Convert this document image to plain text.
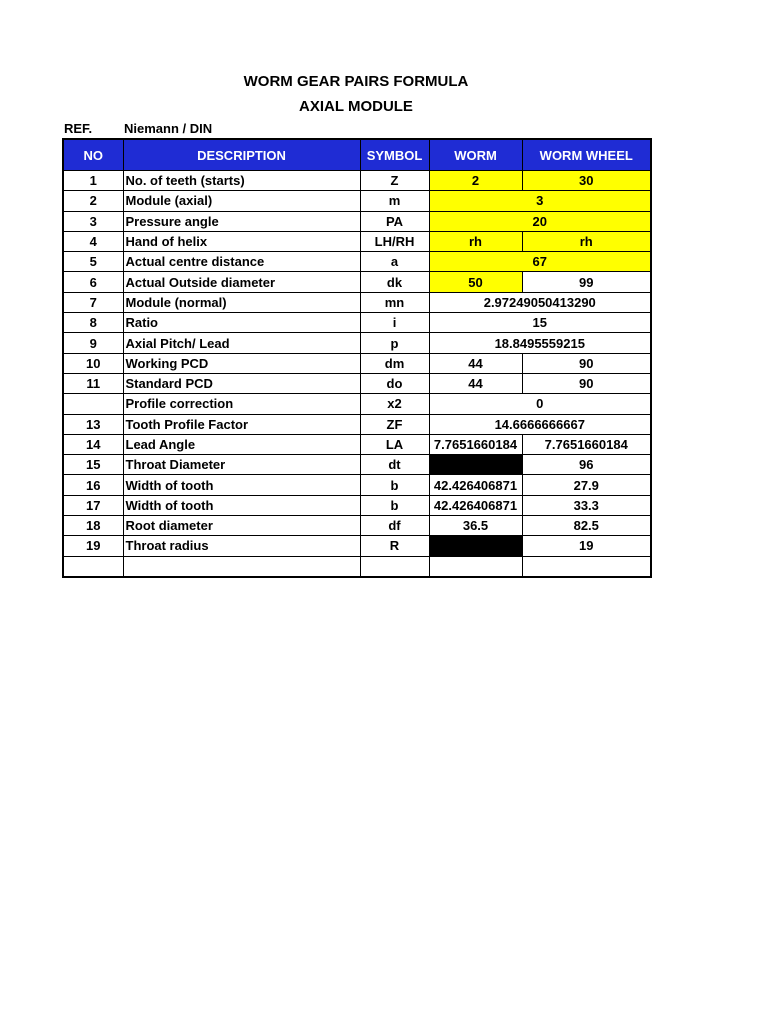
WORM GEAR PAIRS FORMULA
AXIAL MODULE
REF. Niemann / DIN
NO	DESCRIPTION	SYMBOL	WORM	WORM WHEEL
1	No. of teeth (starts)	Z	2	30
2	Module (axial)	m	3	
3	Pressure angle	PA	20	
4	Hand of helix	LH/RH	rh	rh
5	Actual centre distance	a	67	
6	Actual Outside diameter	dk	50	99
7	Module (normal)	mn	2.97249050413290	
8	Ratio	i	15	
9	Axial Pitch/ Lead	p	18.8495559215	
10	Working PCD	dm	44	90
11	Standard PCD	do	44	90
	Profile correction	x2	0	
13	Tooth Profile Factor	ZF	14.6666666667	
14	Lead Angle	LA	7.7651660184	7.7651660184
15	Throat Diameter	dt		96
16	Width of tooth	b	42.426406871	27.9
17	Width of tooth	b	42.426406871	33.3
18	Root diameter	df	36.5	82.5
19	Throat radius	R		19
